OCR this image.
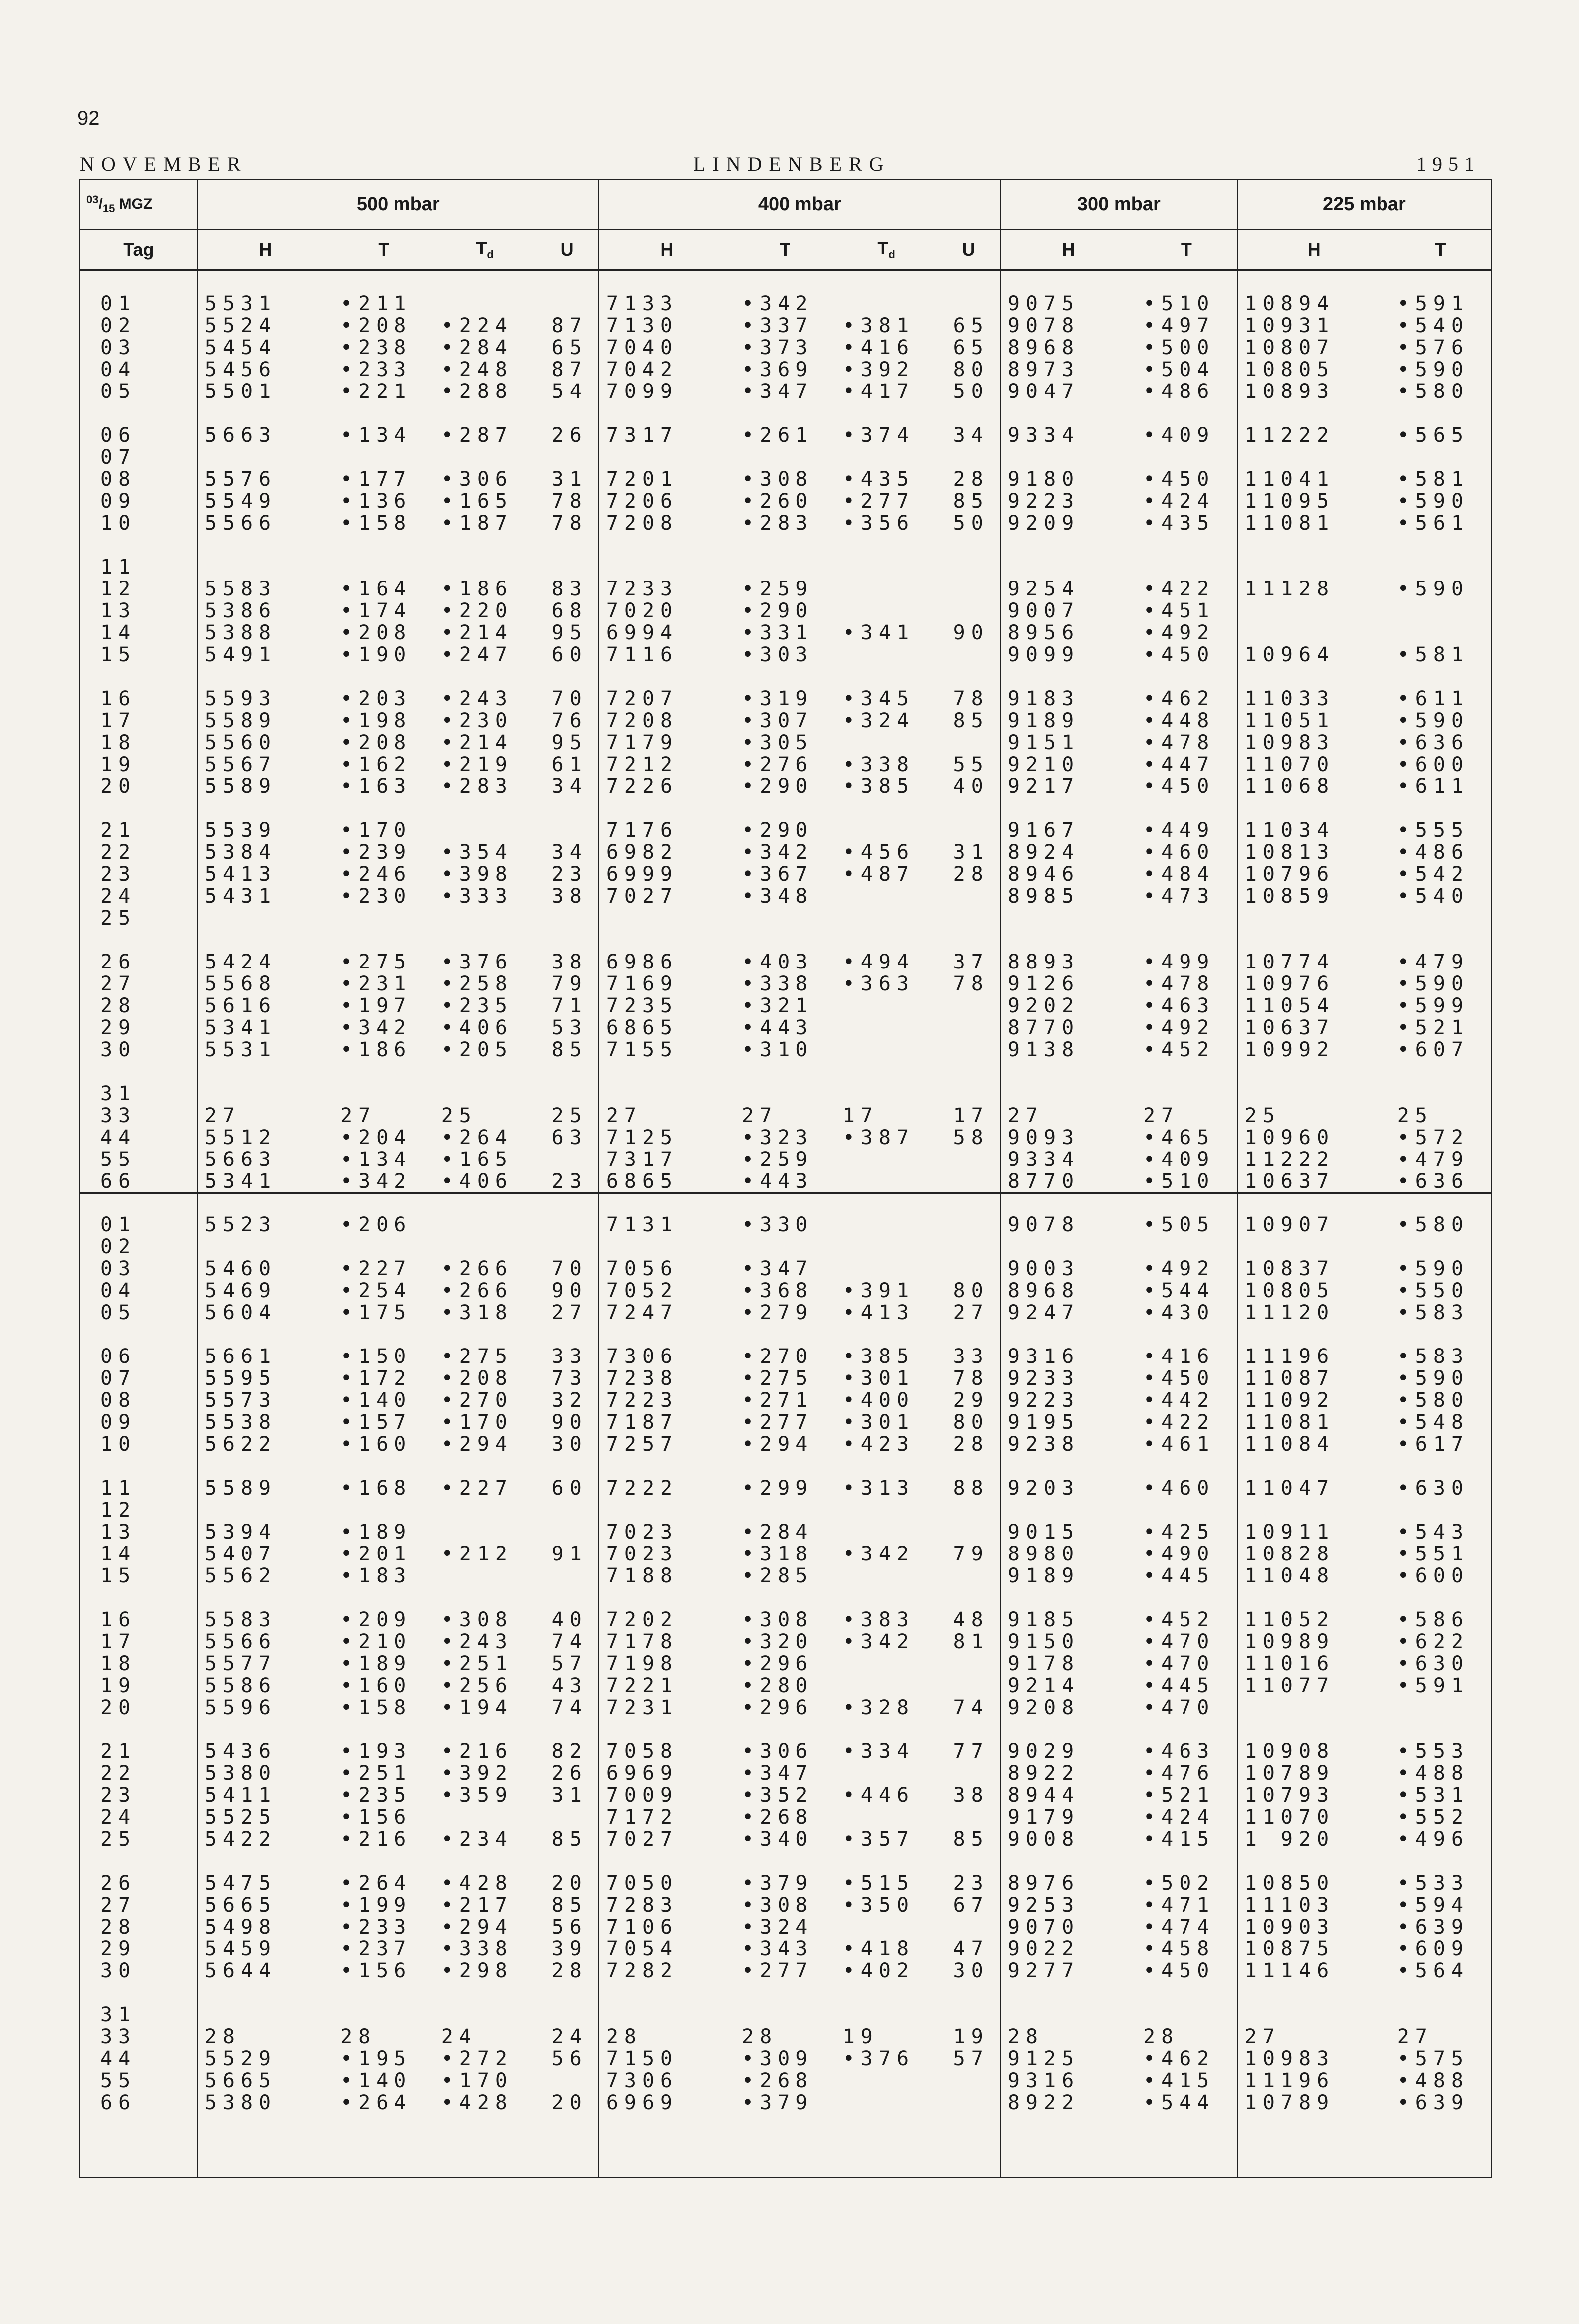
92
NOVEMBER	LINDENBERG	1951
$^{03}/_{15}$ MGZ	500 mbar				400 mbar				300 mbar		225 mbar	
Tag	H	T	$T_d$	U	H	T	$T_d$	U	H	T	H	T

01	5531	•211			7133	•342			9075	•510	10894	•591
02	5524	•208	•224	87	7130	•337	•381	65	9078	•497	10931	•540
03	5454	•238	•284	65	7040	•373	•416	65	8968	•500	10807	•576
04	5456	•233	•248	87	7042	•369	•392	80	8973	•504	10805	•590
05	5501	•221	•288	54	7099	•347	•417	50	9047	•486	10893	•580

06	5663	•134	•287	26	7317	•261	•374	34	9334	•409	11222	•565
07												
08	5576	•177	•306	31	7201	•308	•435	28	9180	•450	11041	•581
09	5549	•136	•165	78	7206	•260	•277	85	9223	•424	11095	•590
10	5566	•158	•187	78	7208	•283	•356	50	9209	•435	11081	•561

11												
12	5583	•164	•186	83	7233	•259			9254	•422	11128	•590
13	5386	•174	•220	68	7020	•290			9007	•451		
14	5388	•208	•214	95	6994	•331	•341	90	8956	•492		
15	5491	•190	•247	60	7116	•303			9099	•450	10964	•581

16	5593	•203	•243	70	7207	•319	•345	78	9183	•462	11033	•611
17	5589	•198	•230	76	7208	•307	•324	85	9189	•448	11051	•590
18	5560	•208	•214	95	7179	•305			9151	•478	10983	•636
19	5567	•162	•219	61	7212	•276	•338	55	9210	•447	11070	•600
20	5589	•163	•283	34	7226	•290	•385	40	9217	•450	11068	•611

21	5539	•170			7176	•290			9167	•449	11034	•555
22	5384	•239	•354	34	6982	•342	•456	31	8924	•460	10813	•486
23	5413	•246	•398	23	6999	•367	•487	28	8946	•484	10796	•542
24	5431	•230	•333	38	7027	•348			8985	•473	10859	•540
25												

26	5424	•275	•376	38	6986	•403	•494	37	8893	•499	10774	•479
27	5568	•231	•258	79	7169	•338	•363	78	9126	•478	10976	•590
28	5616	•197	•235	71	7235	•321			9202	•463	11054	•599
29	5341	•342	•406	53	6865	•443			8770	•492	10637	•521
30	5531	•186	•205	85	7155	•310			9138	•452	10992	•607

31												
33	27	27	25	25	27	27	17	17	27	27	25	25
44	5512	•204	•264	63	7125	•323	•387	58	9093	•465	10960	•572
55	5663	•134	•165		7317	•259			9334	•409	11222	•479
66	5341	•342	•406	23	6865	•443			8770	•510	10637	•636

01	5523	•206			7131	•330			9078	•505	10907	•580
02												
03	5460	•227	•266	70	7056	•347			9003	•492	10837	•590
04	5469	•254	•266	90	7052	•368	•391	80	8968	•544	10805	•550
05	5604	•175	•318	27	7247	•279	•413	27	9247	•430	11120	•583

06	5661	•150	•275	33	7306	•270	•385	33	9316	•416	11196	•583
07	5595	•172	•208	73	7238	•275	•301	78	9233	•450	11087	•590
08	5573	•140	•270	32	7223	•271	•400	29	9223	•442	11092	•580
09	5538	•157	•170	90	7187	•277	•301	80	9195	•422	11081	•548
10	5622	•160	•294	30	7257	•294	•423	28	9238	•461	11084	•617

11	5589	•168	•227	60	7222	•299	•313	88	9203	•460	11047	•630
12												
13	5394	•189			7023	•284			9015	•425	10911	•543
14	5407	•201	•212	91	7023	•318	•342	79	8980	•490	10828	•551
15	5562	•183			7188	•285			9189	•445	11048	•600

16	5583	•209	•308	40	7202	•308	•383	48	9185	•452	11052	•586
17	5566	•210	•243	74	7178	•320	•342	81	9150	•470	10989	•622
18	5577	•189	•251	57	7198	•296			9178	•470	11016	•630
19	5586	•160	•256	43	7221	•280			9214	•445	11077	•591
20	5596	•158	•194	74	7231	•296	•328	74	9208	•470		

21	5436	•193	•216	82	7058	•306	•334	77	9029	•463	10908	•553
22	5380	•251	•392	26	6969	•347			8922	•476	10789	•488
23	5411	•235	•359	31	7009	•352	•446	38	8944	•521	10793	•531
24	5525	•156			7172	•268			9179	•424	11070	•552
25	5422	•216	•234	85	7027	•340	•357	85	9008	•415	1 920	•496

26	5475	•264	•428	20	7050	•379	•515	23	8976	•502	10850	•533
27	5665	•199	•217	85	7283	•308	•350	67	9253	•471	11103	•594
28	5498	•233	•294	56	7106	•324			9070	•474	10903	•639
29	5459	•237	•338	39	7054	•343	•418	47	9022	•458	10875	•609
30	5644	•156	•298	28	7282	•277	•402	30	9277	•450	11146	•564

31												
33	28	28	24	24	28	28	19	19	28	28	27	27
44	5529	•195	•272	56	7150	•309	•376	57	9125	•462	10983	•575
55	5665	•140	•170		7306	•268			9316	•415	11196	•488
66	5380	•264	•428	20	6969	•379			8922	•544	10789	•639
